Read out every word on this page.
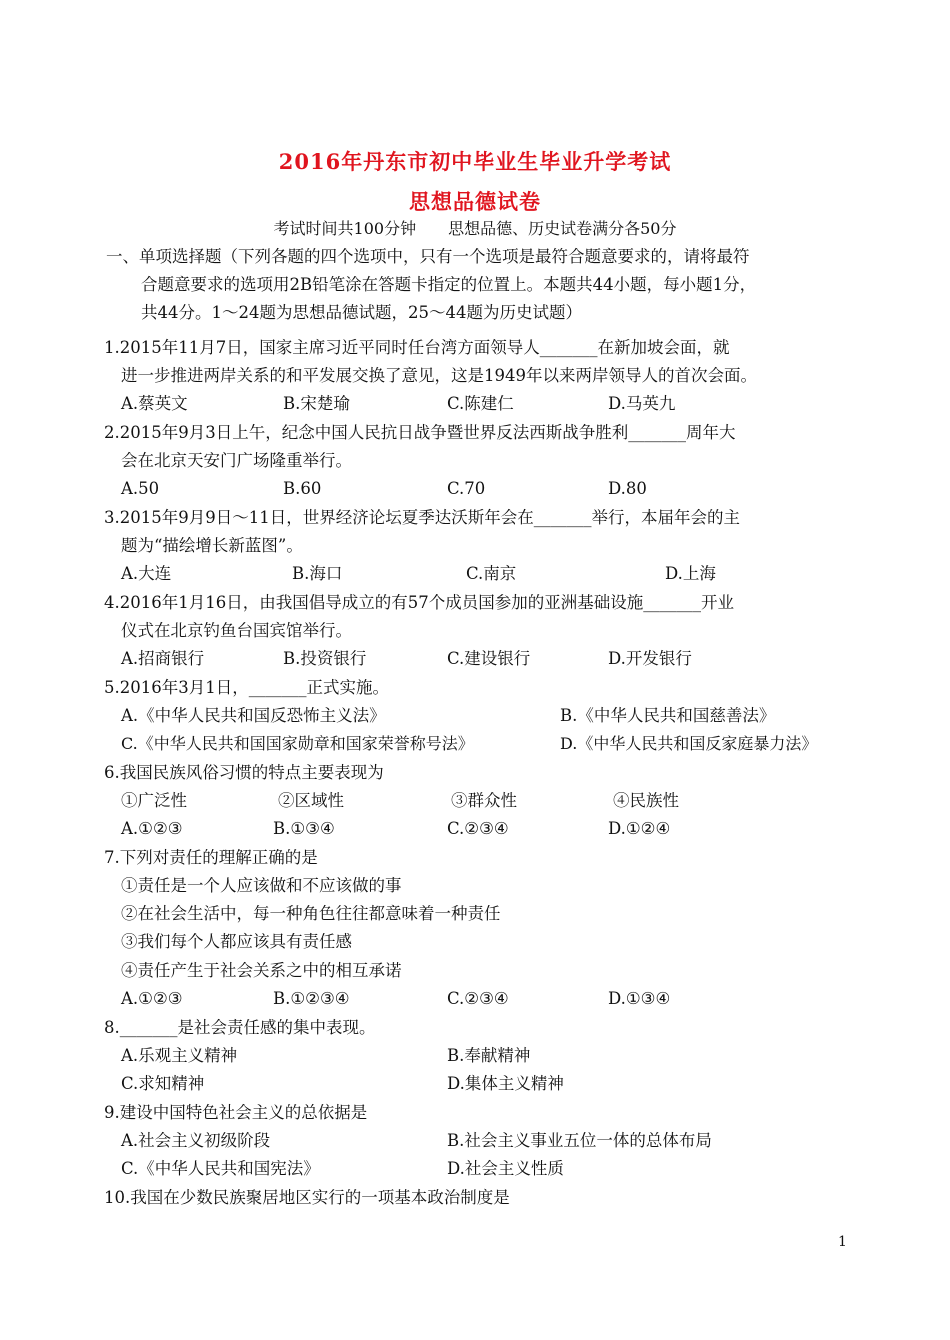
2016年丹东市初中毕业生毕业升学考试
思想品德试卷
考试时间共100分钟　　思想品德、历史试卷满分各50分
一、单项选择题（下列各题的四个选项中，只有一个选项是最符合题意要求的，请将最符
合题意要求的选项用2B铅笔涂在答题卡指定的位置上。本题共44小题，每小题1分，
共44分。1～24题为思想品德试题，25～44题为历史试题）
1.2015年11月7日，国家主席习近平同时任台湾方面领导人_______在新加坡会面，就
进一步推进两岸关系的和平发展交换了意见，这是1949年以来两岸领导人的首次会面。
A.蔡英文	B.宋楚瑜	C.陈建仁	D.马英九
2.2015年9月3日上午，纪念中国人民抗日战争暨世界反法西斯战争胜利_______周年大
会在北京天安门广场隆重举行。
A.50	B.60	C.70	D.80
3.2015年9月9日～11日，世界经济论坛夏季达沃斯年会在_______举行，本届年会的主
题为“描绘增长新蓝图”。
A.大连	B.海口	C.南京	D.上海
4.2016年1月16日，由我国倡导成立的有57个成员国参加的亚洲基础设施_______开业
仪式在北京钓鱼台国宾馆举行。
A.招商银行	B.投资银行	C.建设银行	D.开发银行
5.2016年3月1日，_______正式实施。
A.《中华人民共和国反恐怖主义法》	B.《中华人民共和国慈善法》
C.《中华人民共和国国家勋章和国家荣誉称号法》	D.《中华人民共和国反家庭暴力法》
6.我国民族风俗习惯的特点主要表现为
①广泛性	②区域性	③群众性	④民族性
A.①②③	B.①③④	C.②③④	D.①②④
7.下列对责任的理解正确的是
①责任是一个人应该做和不应该做的事
②在社会生活中，每一种角色往往都意味着一种责任
③我们每个人都应该具有责任感
④责任产生于社会关系之中的相互承诺
A.①②③	B.①②③④	C.②③④	D.①③④
8._______是社会责任感的集中表现。
A.乐观主义精神	B.奉献精神
C.求知精神	D.集体主义精神
9.建设中国特色社会主义的总依据是
A.社会主义初级阶段	B.社会主义事业五位一体的总体布局
C.《中华人民共和国宪法》	D.社会主义性质
10.我国在少数民族聚居地区实行的一项基本政治制度是
1
